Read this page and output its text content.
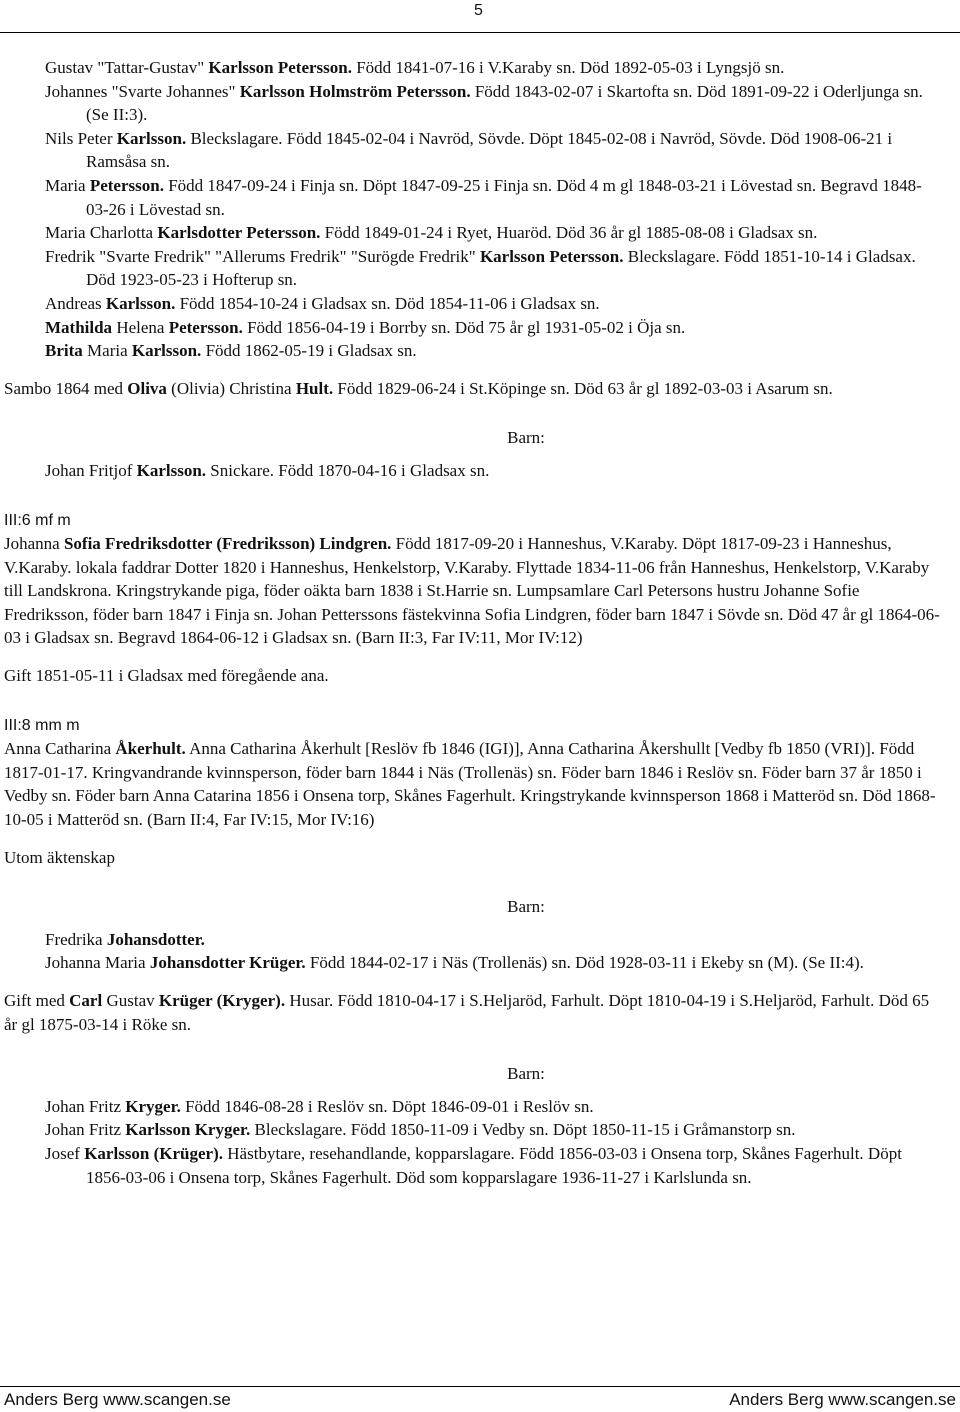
5
Gustav "Tattar-Gustav" Karlsson Petersson. Född 1841-07-16 i V.Karaby sn. Död 1892-05-03 i Lyngsjö sn.
Johannes "Svarte Johannes" Karlsson Holmström Petersson. Född 1843-02-07 i Skartofta sn. Död 1891-09-22 i Oderljunga sn. (Se II:3).
Nils Peter Karlsson. Bleckslagare. Född 1845-02-04 i Navröd, Sövde. Döpt 1845-02-08 i Navröd, Sövde. Död 1908-06-21 i Ramsåsa sn.
Maria Petersson. Född 1847-09-24 i Finja sn. Döpt 1847-09-25 i Finja sn. Död 4 m gl 1848-03-21 i Lövestad sn. Begravd 1848-03-26 i Lövestad sn.
Maria Charlotta Karlsdotter Petersson. Född 1849-01-24 i Ryet, Huaröd. Död 36 år gl 1885-08-08 i Gladsax sn.
Fredrik "Svarte Fredrik" "Allerums Fredrik" "Surögde Fredrik" Karlsson Petersson. Bleckslagare. Född 1851-10-14 i Gladsax. Död 1923-05-23 i Hofterup sn.
Andreas Karlsson. Född 1854-10-24 i Gladsax sn. Död 1854-11-06 i Gladsax sn.
Mathilda Helena Petersson. Född 1856-04-19 i Borrby sn. Död 75 år gl 1931-05-02 i Öja sn.
Brita Maria Karlsson. Född 1862-05-19 i Gladsax sn.
Sambo 1864 med Oliva (Olivia) Christina Hult. Född 1829-06-24 i St.Köpinge sn. Död 63 år gl 1892-03-03 i Asarum sn.
Barn:
Johan Fritjof Karlsson. Snickare. Född 1870-04-16 i Gladsax sn.
III:6 mf m
Johanna Sofia Fredriksdotter (Fredriksson) Lindgren. Född 1817-09-20 i Hanneshus, V.Karaby. Döpt 1817-09-23 i Hanneshus, V.Karaby. lokala faddrar Dotter 1820 i Hanneshus, Henkelstorp, V.Karaby. Flyttade 1834-11-06 från Hanneshus, Henkelstorp, V.Karaby till Landskrona. Kringstrykande piga, föder oäkta barn 1838 i St.Harrie sn. Lumpsamlare Carl Petersons hustru Johanne Sofie Fredriksson, föder barn 1847 i Finja sn. Johan Petterssons fästekvinna Sofia Lindgren, föder barn 1847 i Sövde sn. Död 47 år gl 1864-06-03 i Gladsax sn. Begravd 1864-06-12 i Gladsax sn. (Barn II:3, Far IV:11, Mor IV:12)
Gift 1851-05-11 i Gladsax med föregående ana.
III:8 mm m
Anna Catharina Åkerhult. Anna Catharina Åkerhult [Reslöv fb 1846 (IGI)], Anna Catharina Åkershullt [Vedby fb 1850 (VRI)]. Född 1817-01-17. Kringvandrande kvinnsperson, föder barn 1844 i Näs (Trollenäs) sn. Föder barn 1846 i Reslöv sn. Föder barn 37 år 1850 i Vedby sn. Föder barn Anna Catarina 1856 i Onsena torp, Skånes Fagerhult. Kringstrykande kvinnsperson 1868 i Matteröd sn. Död 1868-10-05 i Matteröd sn. (Barn II:4, Far IV:15, Mor IV:16)
Utom äktenskap
Barn:
Fredrika Johansdotter.
Johanna Maria Johansdotter Krüger. Född 1844-02-17 i Näs (Trollenäs) sn. Död 1928-03-11 i Ekeby sn (M). (Se II:4).
Gift med Carl Gustav Krüger (Kryger). Husar. Född 1810-04-17 i S.Heljaröd, Farhult. Döpt 1810-04-19 i S.Heljaröd, Farhult. Död 65 år gl 1875-03-14 i Röke sn.
Barn:
Johan Fritz Kryger. Född 1846-08-28 i Reslöv sn. Döpt 1846-09-01 i Reslöv sn.
Johan Fritz Karlsson Kryger. Bleckslagare. Född 1850-11-09 i Vedby sn. Döpt 1850-11-15 i Gråmanstorp sn.
Josef Karlsson (Krüger). Hästbytare, resehandlande, kopparslagare. Född 1856-03-03 i Onsena torp, Skånes Fagerhult. Döpt 1856-03-06 i Onsena torp, Skånes Fagerhult. Död som kopparslagare 1936-11-27 i Karlslunda sn.
Anders Berg www.scangen.se	Anders Berg www.scangen.se
